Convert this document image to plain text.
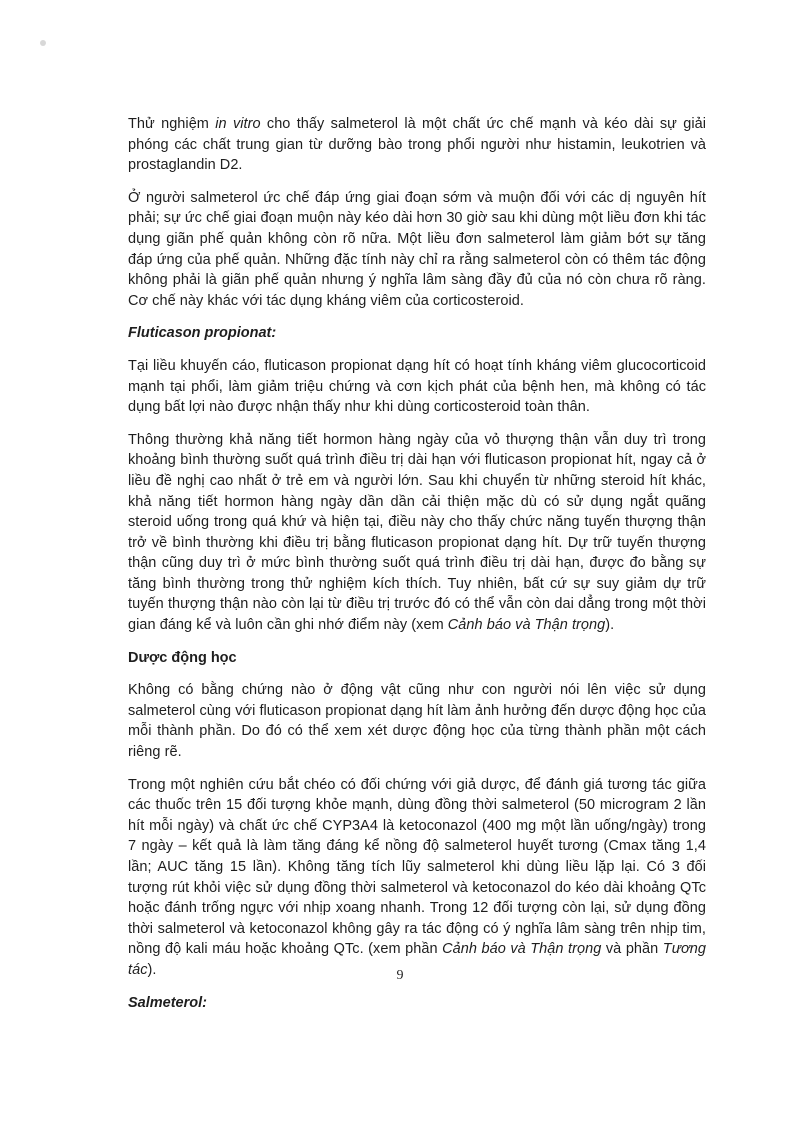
Thử nghiệm in vitro cho thấy salmeterol là một chất ức chế mạnh và kéo dài sự giải phóng các chất trung gian từ dưỡng bào trong phổi người như histamin, leukotrien và prostaglandin D2.

Ở người salmeterol ức chế đáp ứng giai đoạn sớm và muộn đối với các dị nguyên hít phải; sự ức chế giai đoạn muộn này kéo dài hơn 30 giờ sau khi dùng một liều đơn khi tác dụng giãn phế quản không còn rõ nữa. Một liều đơn salmeterol làm giảm bớt sự tăng đáp ứng của phế quản. Những đặc tính này chỉ ra rằng salmeterol còn có thêm tác động không phải là giãn phế quản nhưng ý nghĩa lâm sàng đầy đủ của nó còn chưa rõ ràng. Cơ chế này khác với tác dụng kháng viêm của corticosteroid.

Fluticason propionat:

Tại liều khuyến cáo, fluticason propionat dạng hít có hoạt tính kháng viêm glucocorticoid mạnh tại phổi, làm giảm triệu chứng và cơn kịch phát của bệnh hen, mà không có tác dụng bất lợi nào được nhận thấy như khi dùng corticosteroid toàn thân.

Thông thường khả năng tiết hormon hàng ngày của vỏ thượng thận vẫn duy trì trong khoảng bình thường suốt quá trình điều trị dài hạn với fluticason propionat hít, ngay cả ở liều đề nghị cao nhất ở trẻ em và người lớn. Sau khi chuyển từ những steroid hít khác, khả năng tiết hormon hàng ngày dần dần cải thiện mặc dù có sử dụng ngắt quãng steroid uống trong quá khứ và hiện tại, điều này cho thấy chức năng tuyến thượng thận trở về bình thường khi điều trị bằng fluticason propionat dạng hít. Dự trữ tuyến thượng thận cũng duy trì ở mức bình thường suốt quá trình điều trị dài hạn, được đo bằng sự tăng bình thường trong thử nghiệm kích thích. Tuy nhiên, bất cứ sự suy giảm dự trữ tuyến thượng thận nào còn lại từ điều trị trước đó có thể vẫn còn dai dẳng trong một thời gian đáng kể và luôn cần ghi nhớ điểm này (xem Cảnh báo và Thận trọng).

Dược động học

Không có bằng chứng nào ở động vật cũng như con người nói lên việc sử dụng salmeterol cùng với fluticason propionat dạng hít làm ảnh hưởng đến dược động học của mỗi thành phần. Do đó có thể xem xét dược động học của từng thành phần một cách riêng rẽ.

Trong một nghiên cứu bắt chéo có đối chứng với giả dược, để đánh giá tương tác giữa các thuốc trên 15 đối tượng khỏe mạnh, dùng đồng thời salmeterol (50 microgram 2 lần hít mỗi ngày) và chất ức chế CYP3A4 là ketoconazol (400 mg một lần uống/ngày) trong 7 ngày – kết quả là làm tăng đáng kể nồng độ salmeterol huyết tương (Cmax tăng 1,4 lần; AUC tăng 15 lần). Không tăng tích lũy salmeterol khi dùng liều lặp lại. Có 3 đối tượng rút khỏi việc sử dụng đồng thời salmeterol và ketoconazol do kéo dài khoảng QTc hoặc đánh trống ngực với nhịp xoang nhanh. Trong 12 đối tượng còn lại, sử dụng đồng thời salmeterol và ketoconazol không gây ra tác động có ý nghĩa lâm sàng trên nhịp tim, nồng độ kali máu hoặc khoảng QTc. (xem phần Cảnh báo và Thận trọng và phần Tương tác).

Salmeterol:
9
